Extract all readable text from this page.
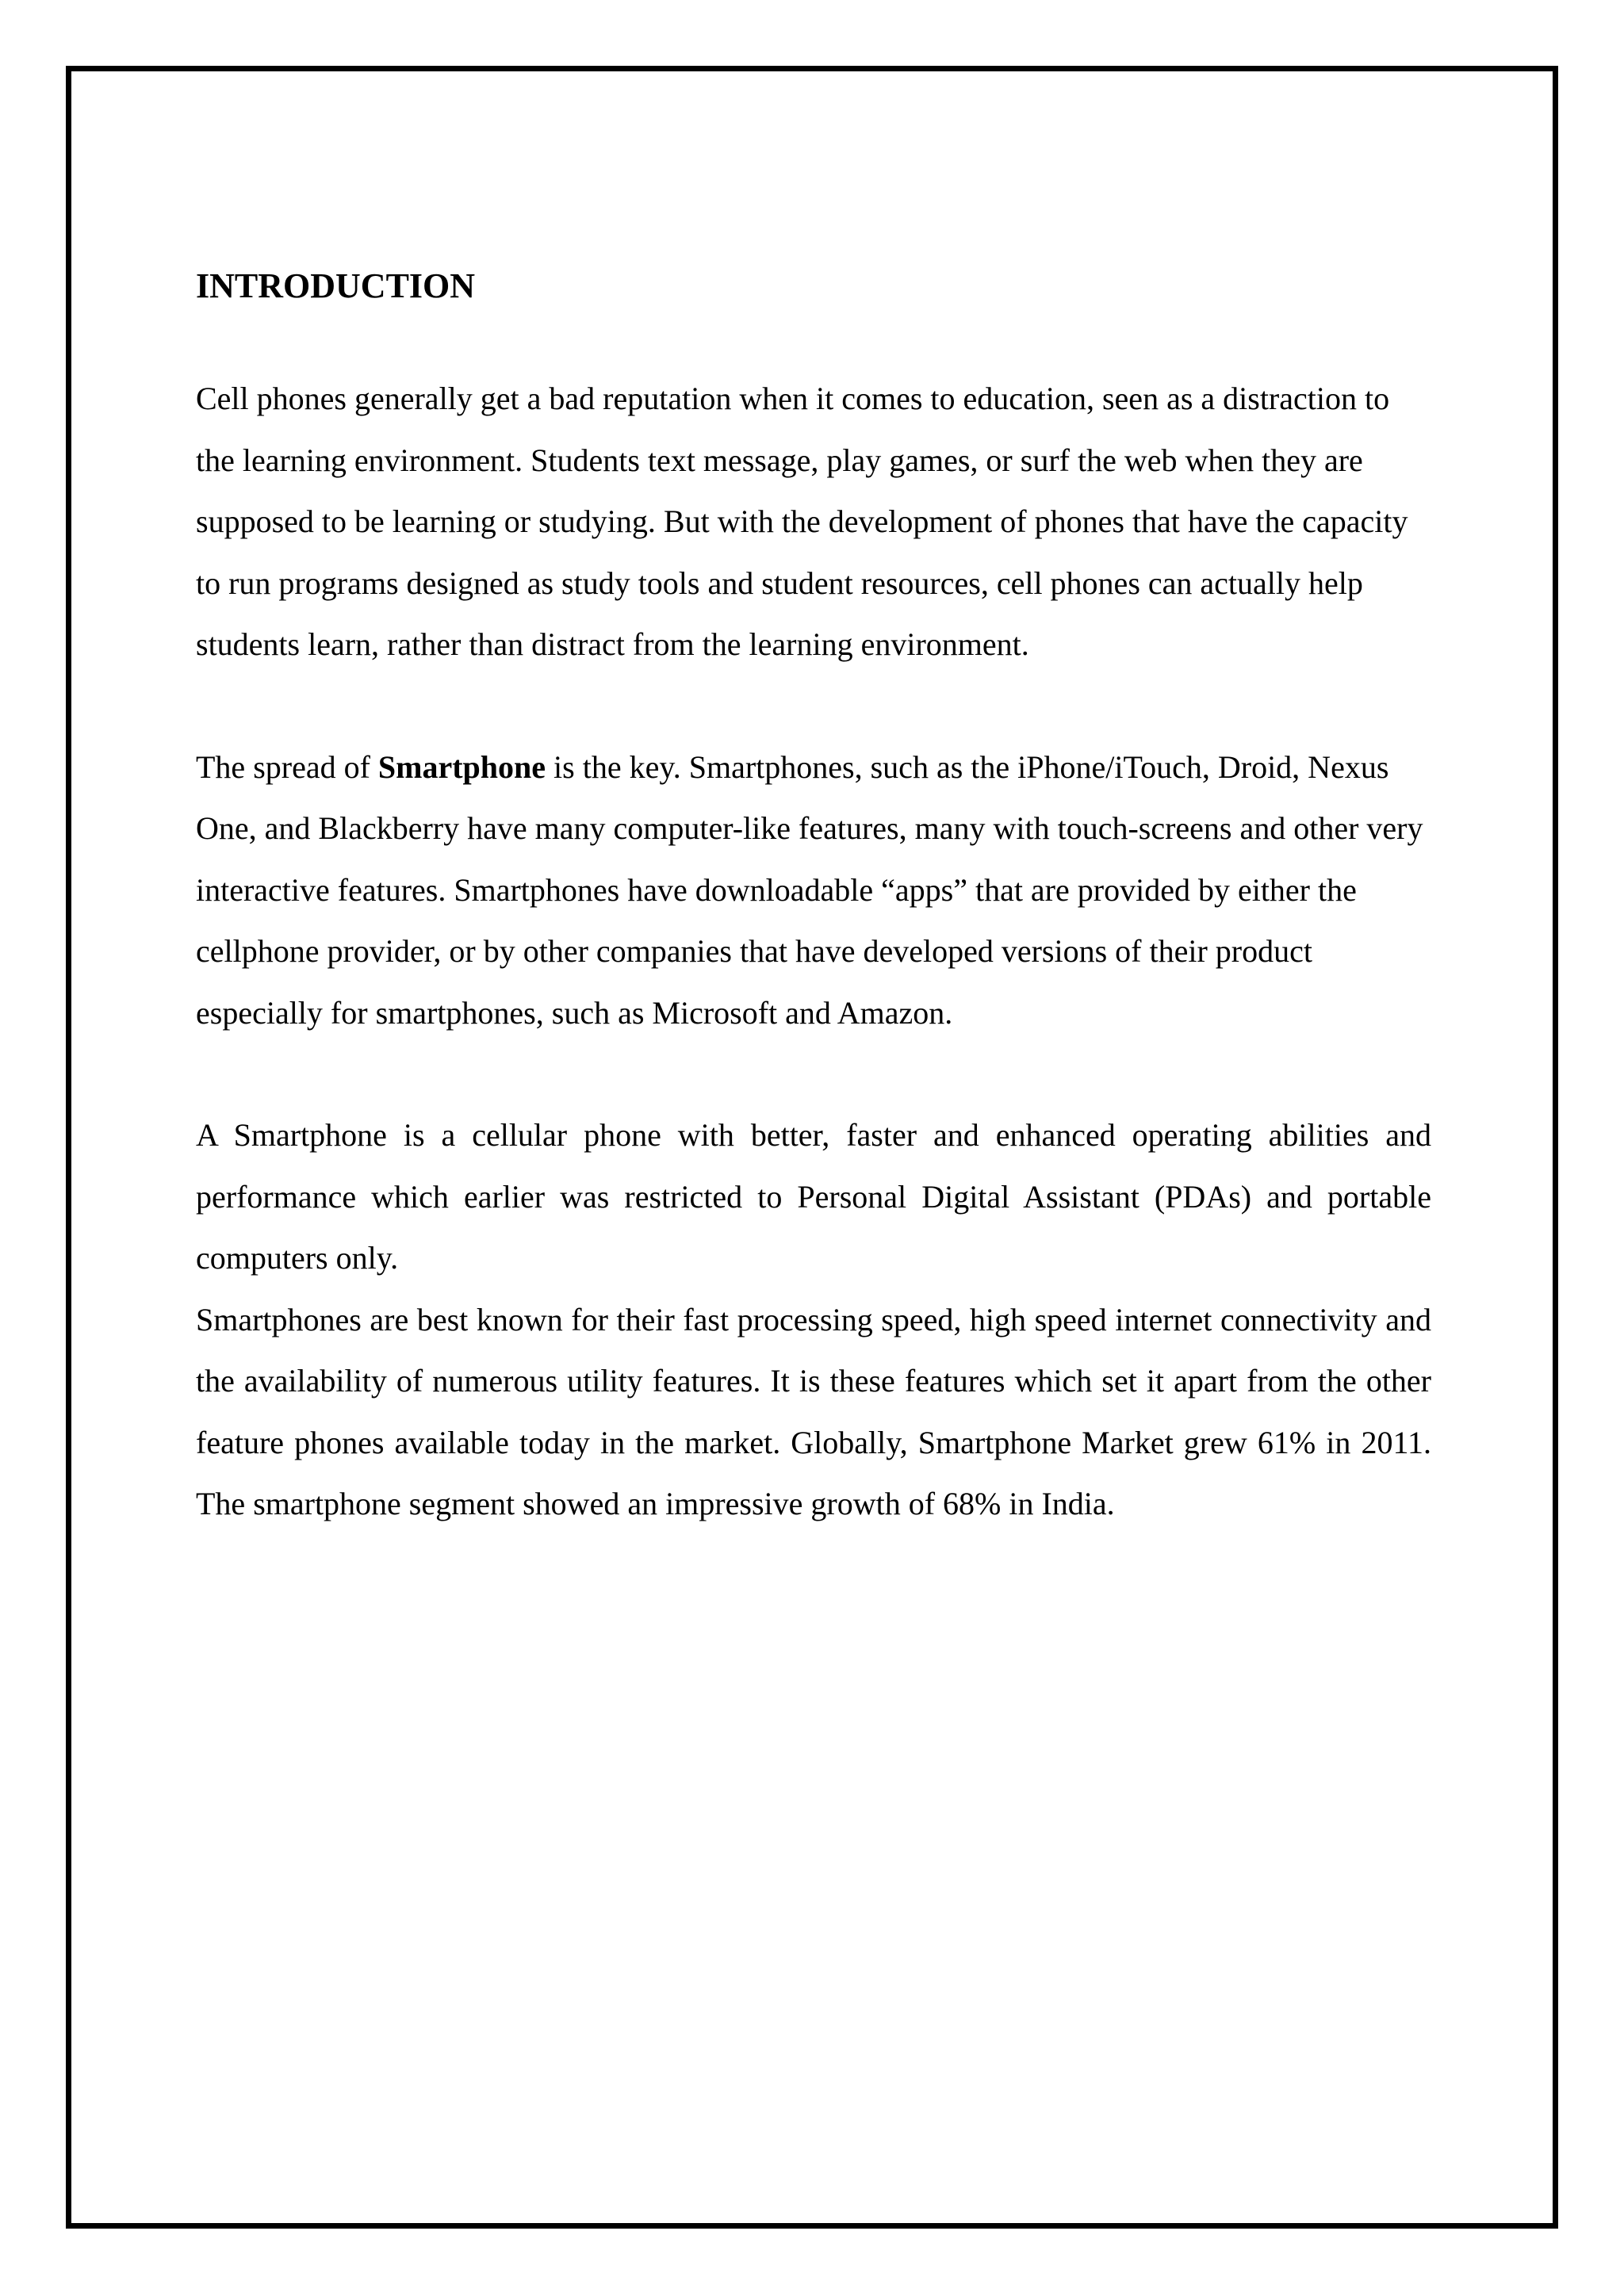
INTRODUCTION

Cell phones generally get a bad reputation when it comes to education, seen as a distraction to the learning environment. Students text message, play games, or surf the web when they are supposed to be learning or studying. But with the development of phones that have the capacity to run programs designed as study tools and student resources, cell phones can actually help students learn, rather than distract from the learning environment.

The spread of Smartphone is the key. Smartphones, such as the iPhone/iTouch, Droid, Nexus One, and Blackberry have many computer-like features, many with touch-screens and other very interactive features. Smartphones have downloadable “apps” that are provided by either the cellphone provider, or by other companies that have developed versions of their product especially for smartphones, such as Microsoft and Amazon.

A Smartphone is a cellular phone with better, faster and enhanced operating abilities and performance which earlier was restricted to Personal Digital Assistant (PDAs) and portable computers only.

Smartphones are best known for their fast processing speed, high speed internet connectivity and the availability of numerous utility features. It is these features which set it apart from the other feature phones available today in the market. Globally, Smartphone Market grew 61% in 2011. The smartphone segment showed an impressive growth of 68% in India.
